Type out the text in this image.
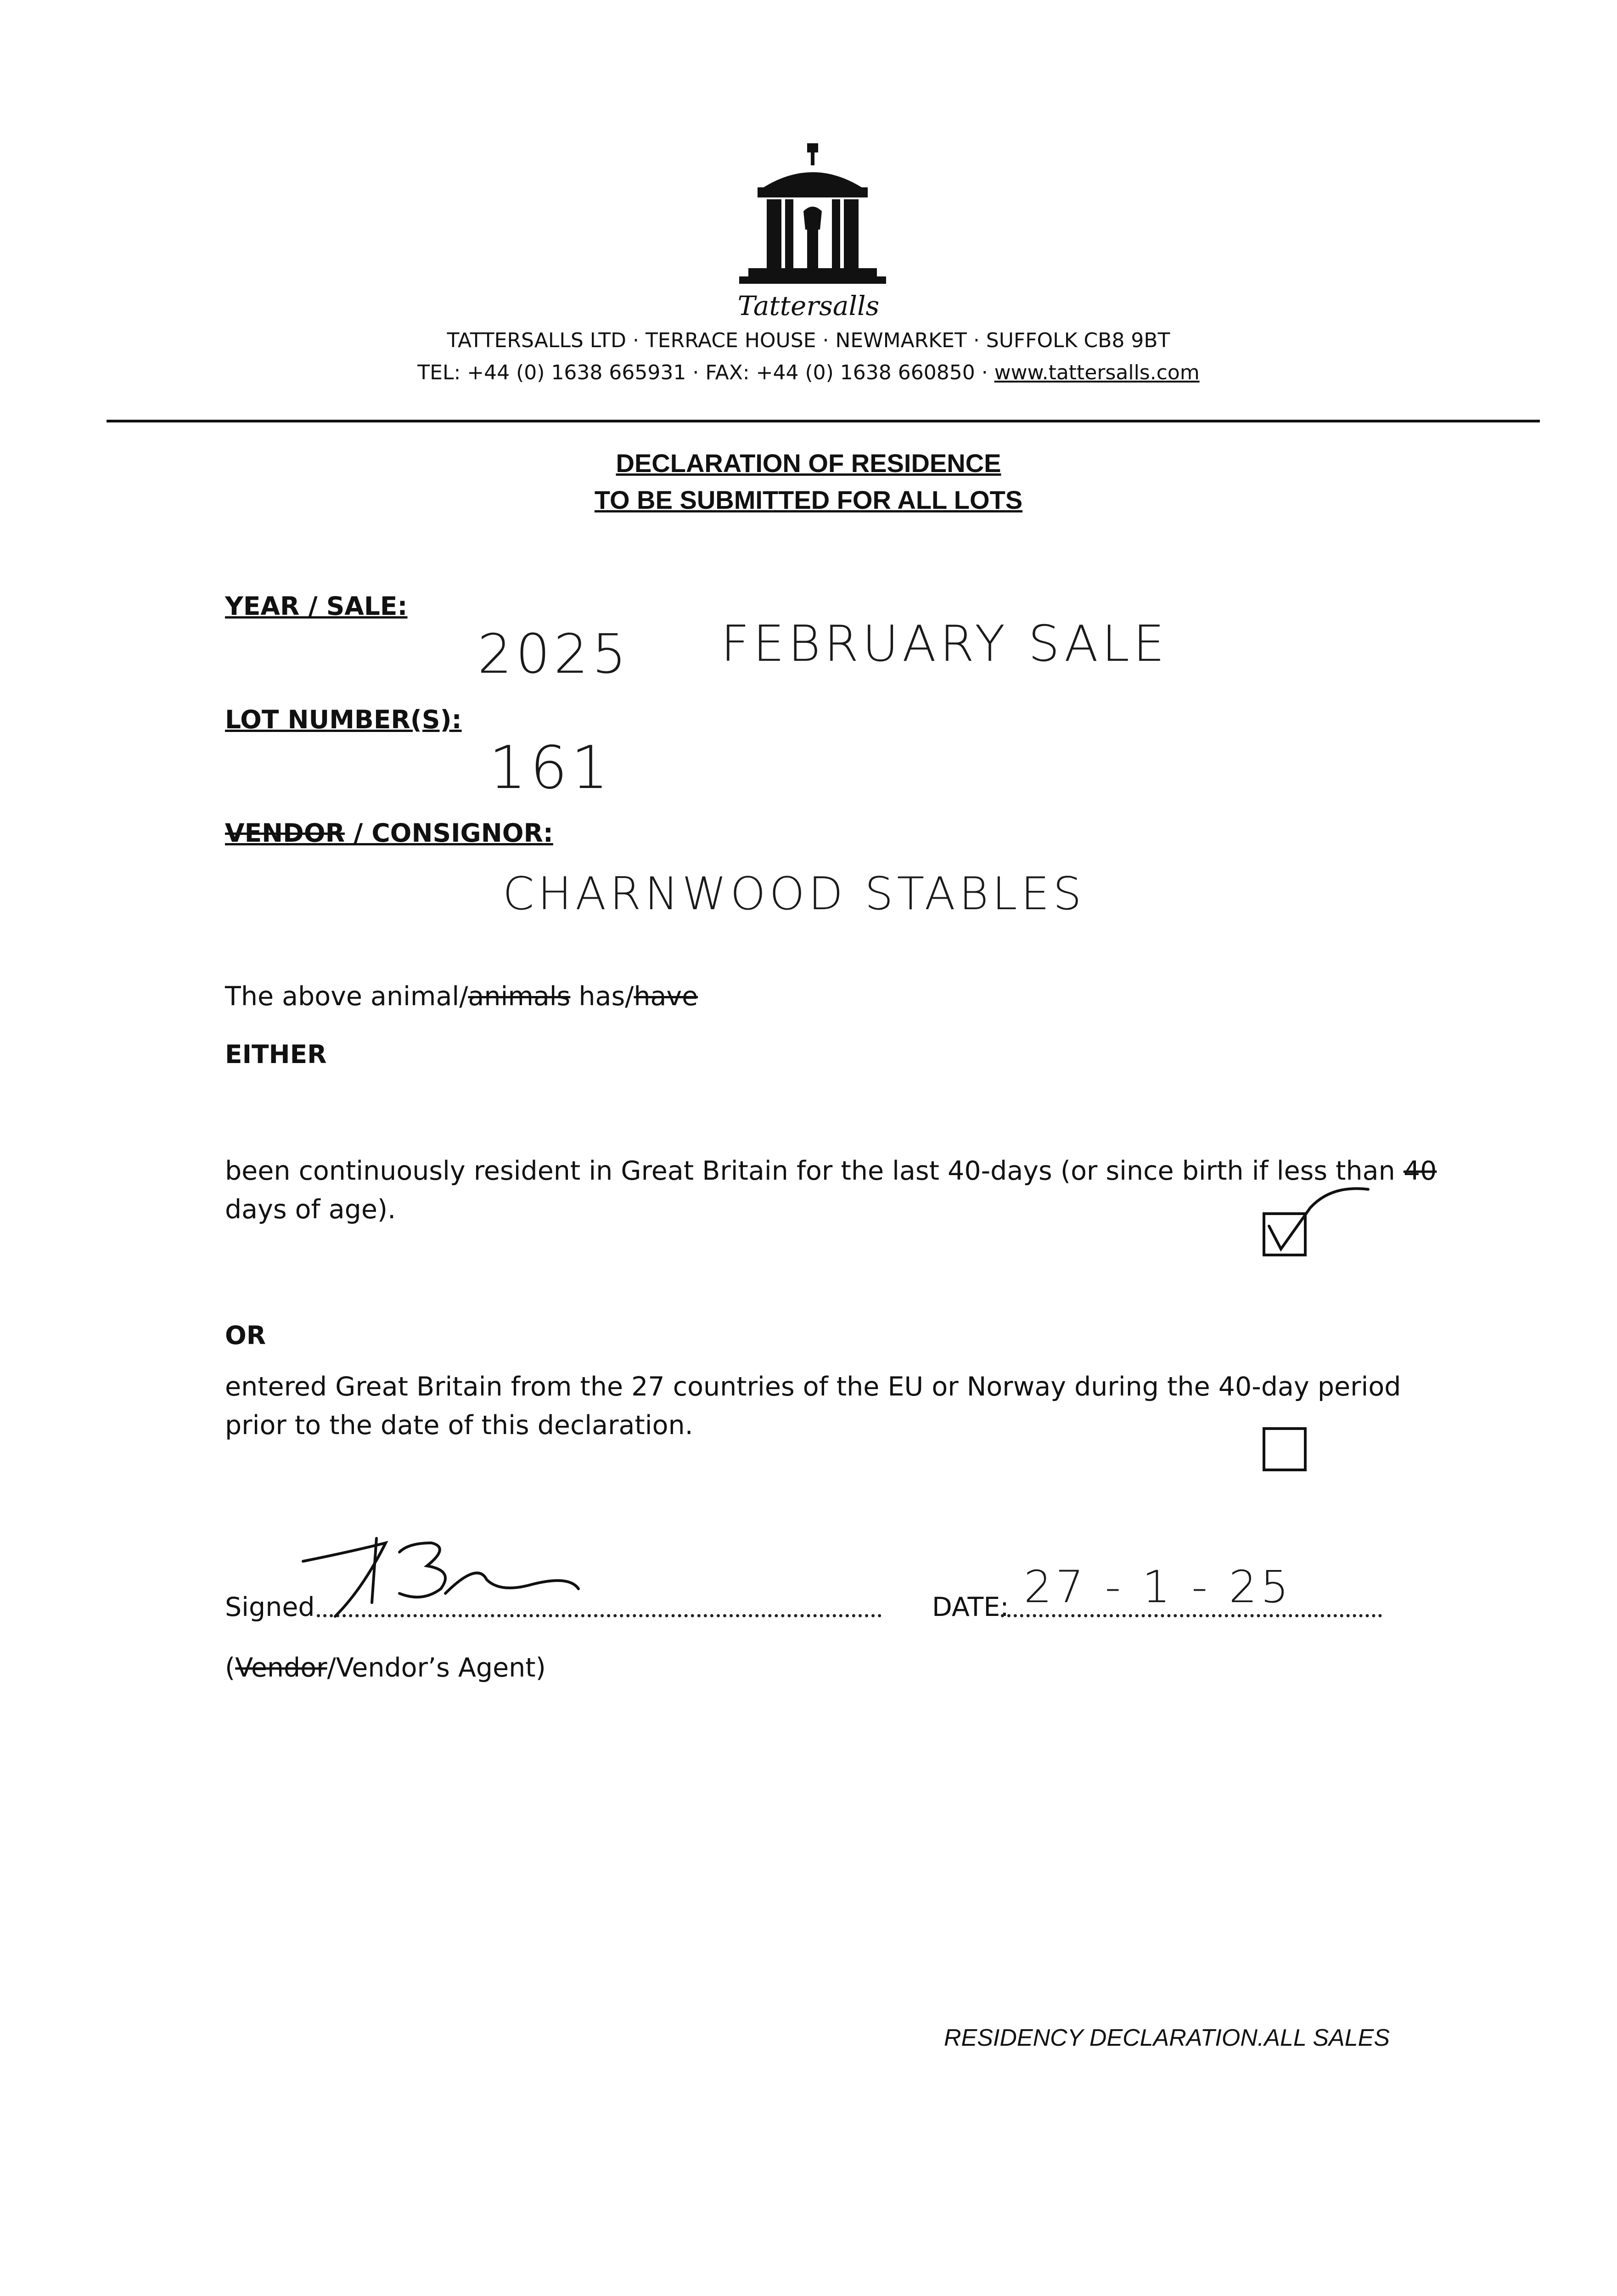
Tattersalls
TATTERSALLS LTD · TERRACE HOUSE · NEWMARKET · SUFFOLK CB8 9BT
TEL: +44 (0) 1638 665931 · FAX: +44 (0) 1638 660850 · www.tattersalls.com
DECLARATION OF RESIDENCE
TO BE SUBMITTED FOR ALL LOTS
YEAR / SALE:
2025 FEBRUARY SALE
LOT NUMBER(S):
161
VENDOR / CONSIGNOR:
CHARNWOOD STABLES
The above animal/animals has/have
EITHER
been continuously resident in Great Britain for the last 40-days (or since birth if less than 40
days of age).
OR
entered Great Britain from the 27 countries of the EU or Norway during the 40-day period
prior to the date of this declaration.
Signed	DATE: 27 - 1 - 25
(Vendor/Vendor’s Agent)
RESIDENCY DECLARATION.ALL SALES
